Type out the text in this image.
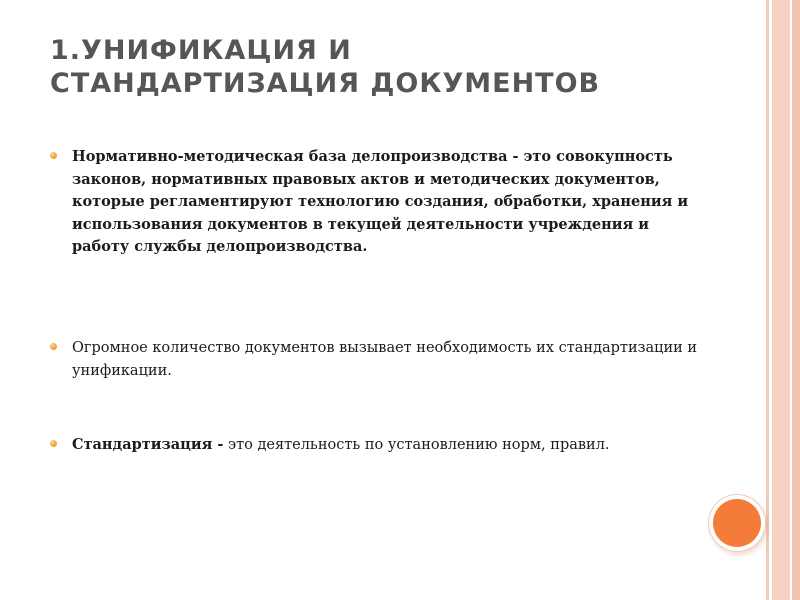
1.УНИФИКАЦИЯ И
СТАНДАРТИЗАЦИЯ ДОКУМЕНТОВ
Нормативно-методическая база делопроизводства - это совокупность законов, нормативных правовых актов и методических документов, которые регламентируют технологию создания, обработки, хранения и использования документов в текущей деятельности учреждения и работу службы делопроизводства.
Огромное количество документов вызывает необходимость их стандартизации и унификации.
Стандартизация - это деятельность по установлению норм, правил.
